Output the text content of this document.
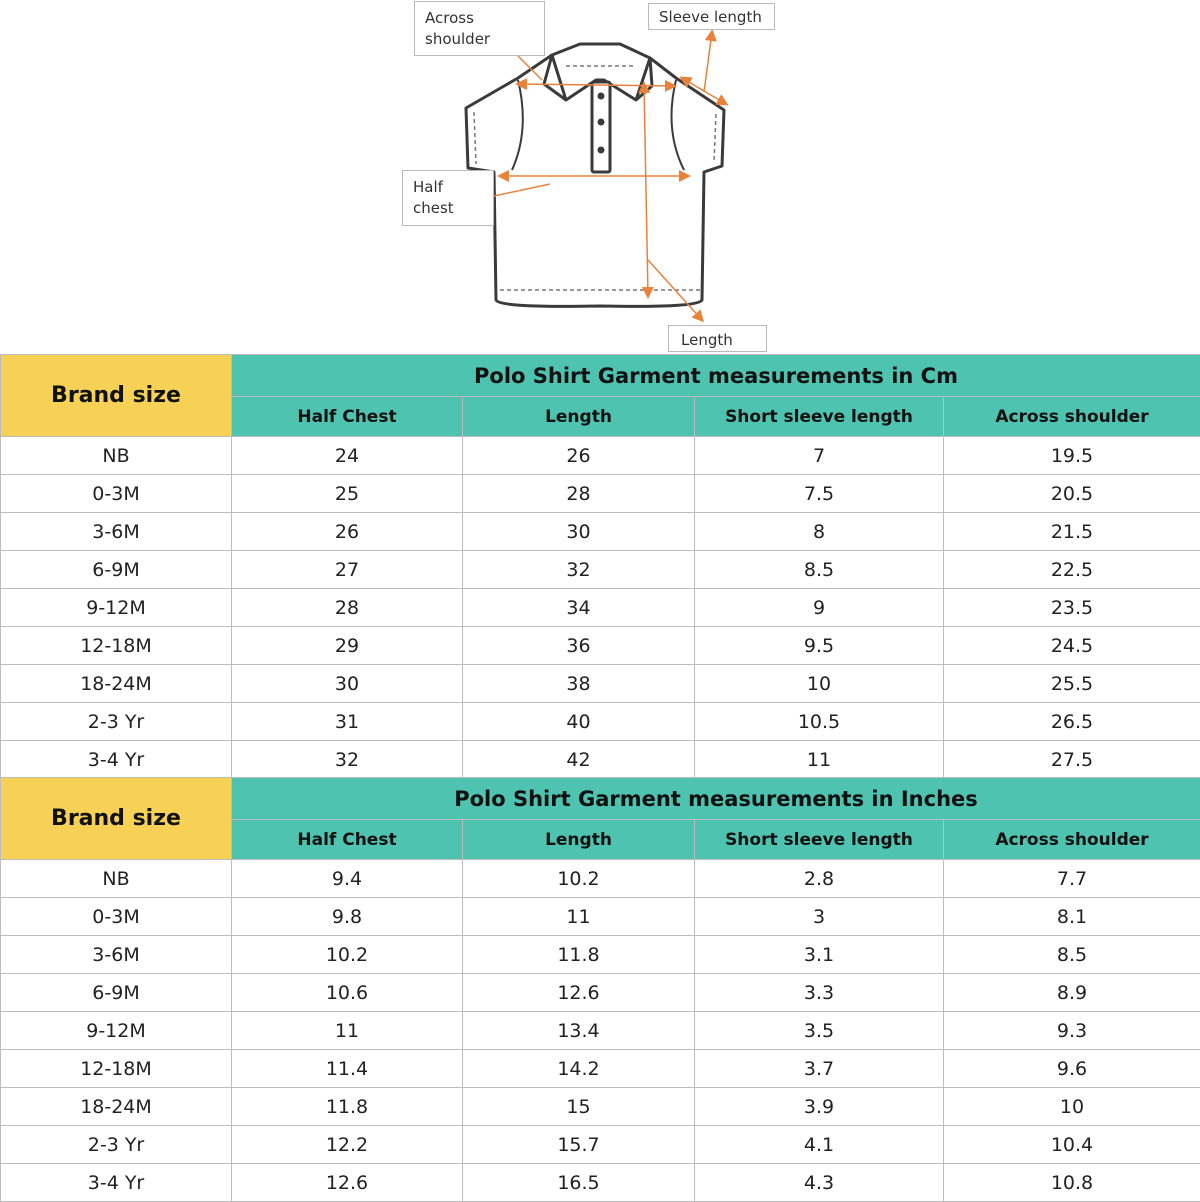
Across
shoulder
Sleeve length
Half
chest
Length
Brand size	Polo Shirt Garment measurements in Cm			
	Half Chest	Length	Short sleeve length	Across shoulder
NB	24	26	7	19.5
0-3M	25	28	7.5	20.5
3-6M	26	30	8	21.5
6-9M	27	32	8.5	22.5
9-12M	28	34	9	23.5
12-18M	29	36	9.5	24.5
18-24M	30	38	10	25.5
2-3 Yr	31	40	10.5	26.5
3-4 Yr	32	42	11	27.5
Brand size	Polo Shirt Garment measurements in Inches			
	Half Chest	Length	Short sleeve length	Across shoulder
NB	9.4	10.2	2.8	7.7
0-3M	9.8	11	3	8.1
3-6M	10.2	11.8	3.1	8.5
6-9M	10.6	12.6	3.3	8.9
9-12M	11	13.4	3.5	9.3
12-18M	11.4	14.2	3.7	9.6
18-24M	11.8	15	3.9	10
2-3 Yr	12.2	15.7	4.1	10.4
3-4 Yr	12.6	16.5	4.3	10.8
